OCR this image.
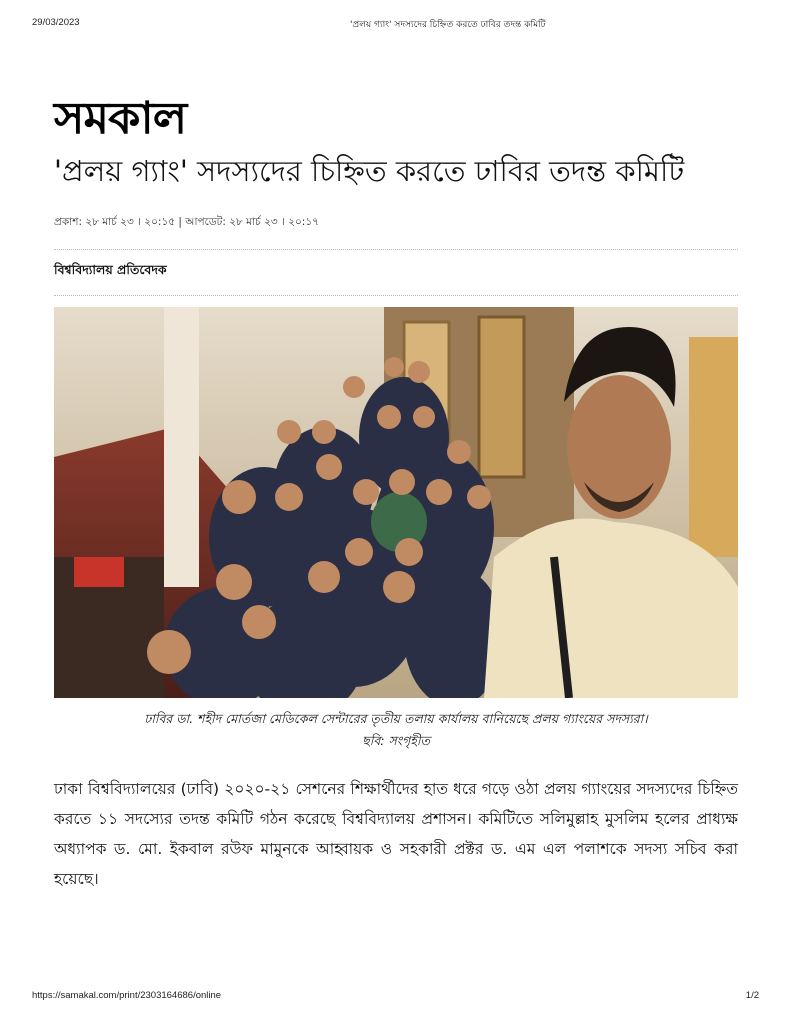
29/03/2023	'প্রলয় গ্যাং' সদস্যদের চিহ্নিত করতে ঢাবির তদন্ত কমিটি
সমকাল
'প্রলয় গ্যাং' সদস্যদের চিহ্নিত করতে ঢাবির তদন্ত কমিটি
প্রকাশ: ২৮ মার্চ ২৩ । ২০:১৫ | আপডেট: ২৮ মার্চ ২৩ । ২০:১৭
বিশ্ববিদ্যালয় প্রতিবেদক
ঢাবির ডা. শহীদ মোর্তজা মেডিকেল সেন্টারের তৃতীয় তলায় কার্যালয় বানিয়েছে প্রলয় গ্যাংয়ের সদস্যরা।
ছবি: সংগৃহীত

ঢাকা বিশ্ববিদ্যালয়ের (ঢাবি) ২০২০-২১ সেশনের শিক্ষার্থীদের হাত ধরে গড়ে ওঠা প্রলয় গ্যাংয়ের সদস্যদের চিহ্নিত করতে ১১ সদস্যের তদন্ত কমিটি গঠন করেছে বিশ্ববিদ্যালয় প্রশাসন। কমিটিতে সলিমুল্লাহ মুসলিম হলের প্রাধ্যক্ষ অধ্যাপক ড. মো. ইকবাল রউফ মামুনকে আহ্বায়ক ও সহকারী প্রক্টর ড. এম এল পলাশকে সদস্য সচিব করা হয়েছে।

https://samakal.com/print/2303164686/online	1/2
